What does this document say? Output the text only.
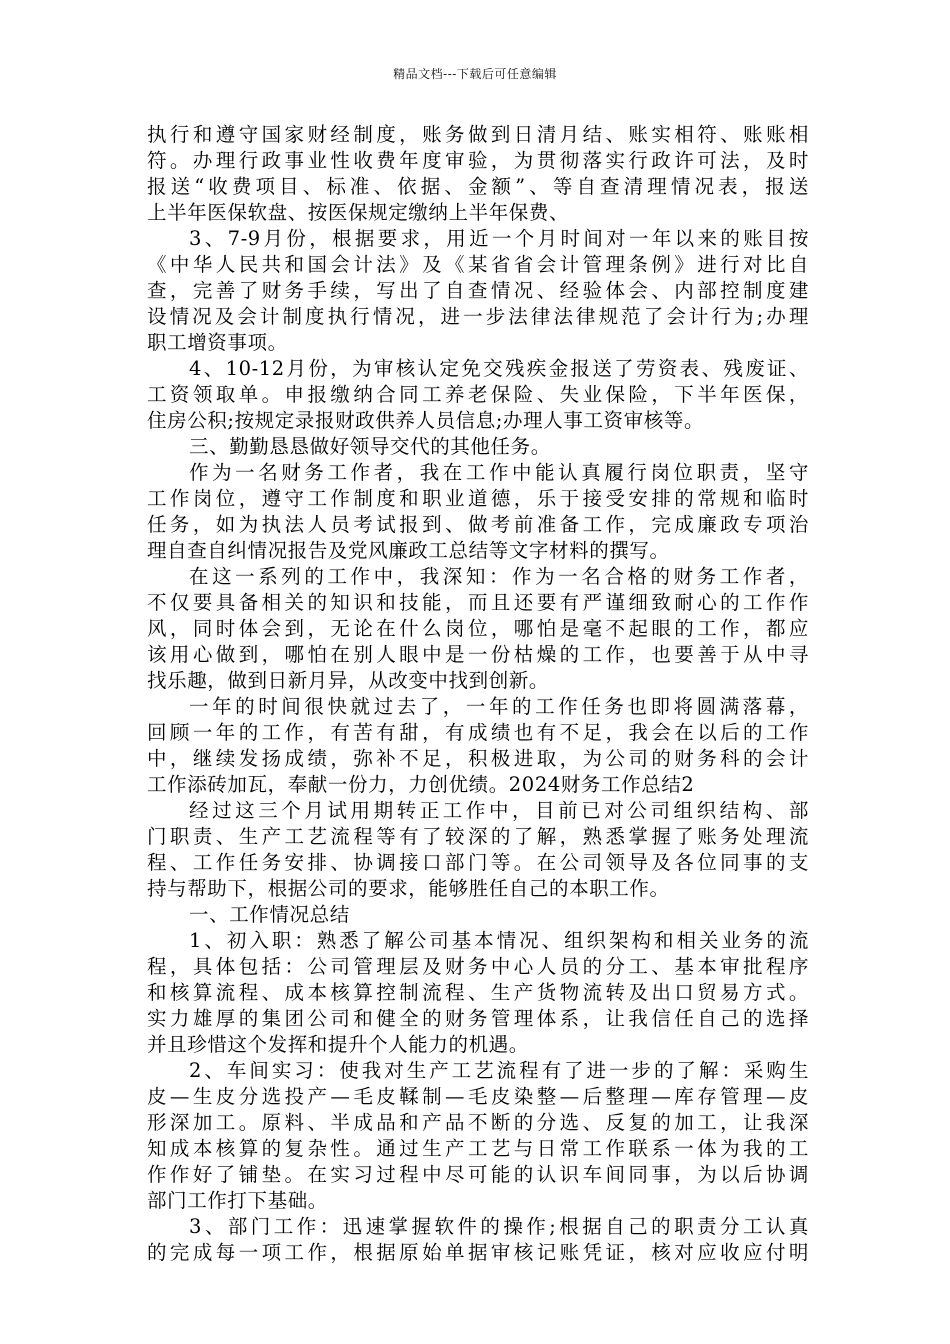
精品文档---下载后可任意编辑
执行和遵守国家财经制度，账务做到日清月结、账实相符、账账相
符。办理行政事业性收费年度审验，为贯彻落实行政许可法，及时
报送“收费项目、标准、依据、金额”、等自查清理情况表，报送
上半年医保软盘、按医保规定缴纳上半年保费、
3、7-9月份，根据要求，用近一个月时间对一年以来的账目按
《中华人民共和国会计法》及《某省省会计管理条例》进行对比自
查，完善了财务手续，写出了自查情况、经验体会、内部控制度建
设情况及会计制度执行情况，进一步法律法律规范了会计行为;办理
职工增资事项。
4、10-12月份，为审核认定免交残疾金报送了劳资表、残废证、
工资领取单。申报缴纳合同工养老保险、失业保险，下半年医保，
住房公积;按规定录报财政供养人员信息;办理人事工资审核等。
三、勤勤恳恳做好领导交代的其他任务。
作为一名财务工作者，我在工作中能认真履行岗位职责，坚守
工作岗位，遵守工作制度和职业道德，乐于接受安排的常规和临时
任务，如为执法人员考试报到、做考前准备工作，完成廉政专项治
理自查自纠情况报告及党风廉政工总结等文字材料的撰写。
在这一系列的工作中，我深知：作为一名合格的财务工作者，
不仅要具备相关的知识和技能，而且还要有严谨细致耐心的工作作
风，同时体会到，无论在什么岗位，哪怕是毫不起眼的工作，都应
该用心做到，哪怕在别人眼中是一份枯燥的工作，也要善于从中寻
找乐趣，做到日新月异，从改变中找到创新。
一年的时间很快就过去了，一年的工作任务也即将圆满落幕，
回顾一年的工作，有苦有甜，有成绩也有不足，我会在以后的工作
中，继续发扬成绩，弥补不足，积极进取，为公司的财务科的会计
工作添砖加瓦，奉献一份力，力创优绩。2024财务工作总结2
经过这三个月试用期转正工作中，目前已对公司组织结构、部
门职责、生产工艺流程等有了较深的了解，熟悉掌握了账务处理流
程、工作任务安排、协调接口部门等。在公司领导及各位同事的支
持与帮助下，根据公司的要求，能够胜任自己的本职工作。
一、工作情况总结
1、初入职：熟悉了解公司基本情况、组织架构和相关业务的流
程，具体包括：公司管理层及财务中心人员的分工、基本审批程序
和核算流程、成本核算控制流程、生产货物流转及出口贸易方式。
实力雄厚的集团公司和健全的财务管理体系，让我信任自己的选择
并且珍惜这个发挥和提升个人能力的机遇。
2、车间实习：使我对生产工艺流程有了进一步的了解：采购生
皮—生皮分选投产—毛皮鞣制—毛皮染整—后整理—库存管理—皮
形深加工。原料、半成品和产品不断的分选、反复的加工，让我深
知成本核算的复杂性。通过生产工艺与日常工作联系一体为我的工
作作好了铺垫。在实习过程中尽可能的认识车间同事，为以后协调
部门工作打下基础。
3、部门工作：迅速掌握软件的操作;根据自己的职责分工认真
的完成每一项工作，根据原始单据审核记账凭证，核对应收应付明
